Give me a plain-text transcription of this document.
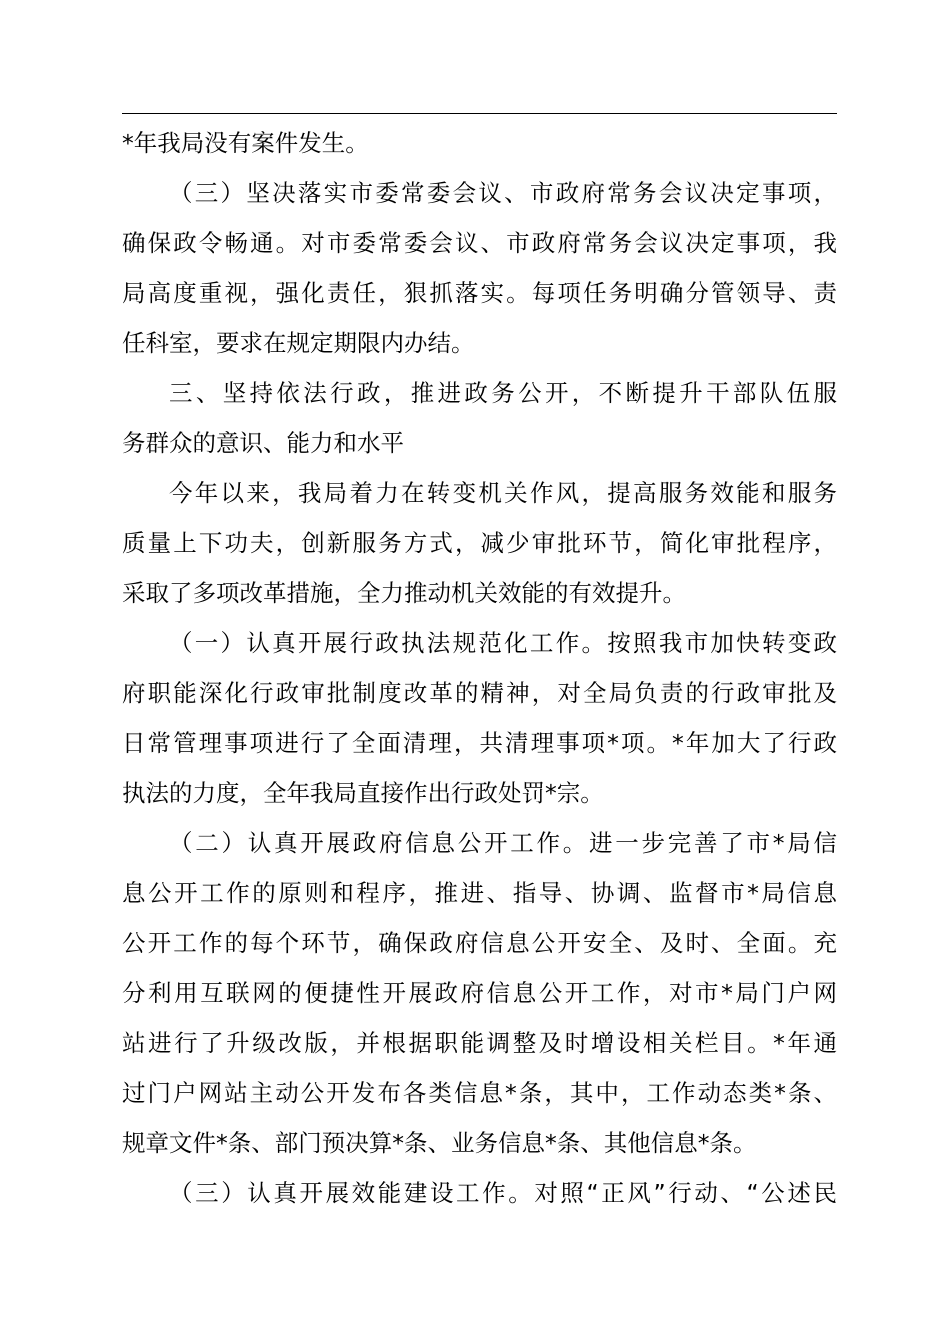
*年我局没有案件发生。
（三）坚决落实市委常委会议、市政府常务会议决定事项，
确保政令畅通。对市委常委会议、市政府常务会议决定事项，我
局高度重视，强化责任，狠抓落实。每项任务明确分管领导、责
任科室，要求在规定期限内办结。
三、坚持依法行政，推进政务公开，不断提升干部队伍服
务群众的意识、能力和水平
今年以来，我局着力在转变机关作风，提高服务效能和服务
质量上下功夫，创新服务方式，减少审批环节，简化审批程序，
采取了多项改革措施，全力推动机关效能的有效提升。
（一）认真开展行政执法规范化工作。按照我市加快转变政
府职能深化行政审批制度改革的精神，对全局负责的行政审批及
日常管理事项进行了全面清理，共清理事项*项。*年加大了行政
执法的力度，全年我局直接作出行政处罚*宗。
（二）认真开展政府信息公开工作。进一步完善了市*局信
息公开工作的原则和程序，推进、指导、协调、监督市*局信息
公开工作的每个环节，确保政府信息公开安全、及时、全面。充
分利用互联网的便捷性开展政府信息公开工作，对市*局门户网
站进行了升级改版，并根据职能调整及时增设相关栏目。*年通
过门户网站主动公开发布各类信息*条，其中，工作动态类*条、
规章文件*条、部门预决算*条、业务信息*条、其他信息*条。
（三）认真开展效能建设工作。对照“正风”行动、“公述民
